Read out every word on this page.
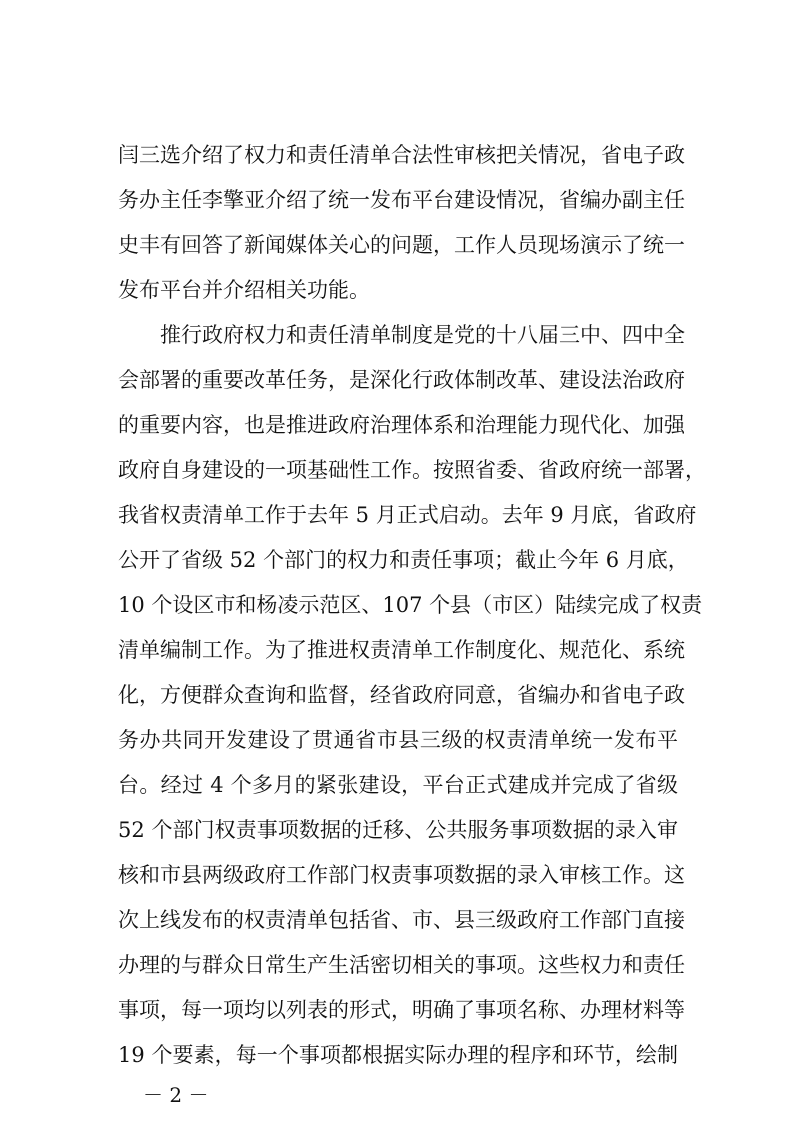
闫三选介绍了权力和责任清单合法性审核把关情况，省电子政
务办主任李擎亚介绍了统一发布平台建设情况，省编办副主任
史丰有回答了新闻媒体关心的问题，工作人员现场演示了统一
发布平台并介绍相关功能。
推行政府权力和责任清单制度是党的十八届三中、四中全
会部署的重要改革任务，是深化行政体制改革、建设法治政府
的重要内容，也是推进政府治理体系和治理能力现代化、加强
政府自身建设的一项基础性工作。按照省委、省政府统一部署，
我省权责清单工作于去年 5 月正式启动。去年 9 月底，省政府
公开了省级 52 个部门的权力和责任事项；截止今年 6 月底，
10 个设区市和杨凌示范区、107 个县（市区）陆续完成了权责
清单编制工作。为了推进权责清单工作制度化、规范化、系统
化，方便群众查询和监督，经省政府同意，省编办和省电子政
务办共同开发建设了贯通省市县三级的权责清单统一发布平
台。经过 4 个多月的紧张建设，平台正式建成并完成了省级
52 个部门权责事项数据的迁移、公共服务事项数据的录入审
核和市县两级政府工作部门权责事项数据的录入审核工作。这
次上线发布的权责清单包括省、市、县三级政府工作部门直接
办理的与群众日常生产生活密切相关的事项。这些权力和责任
事项，每一项均以列表的形式，明确了事项名称、办理材料等
19 个要素，每一个事项都根据实际办理的程序和环节，绘制
－ 2 －
